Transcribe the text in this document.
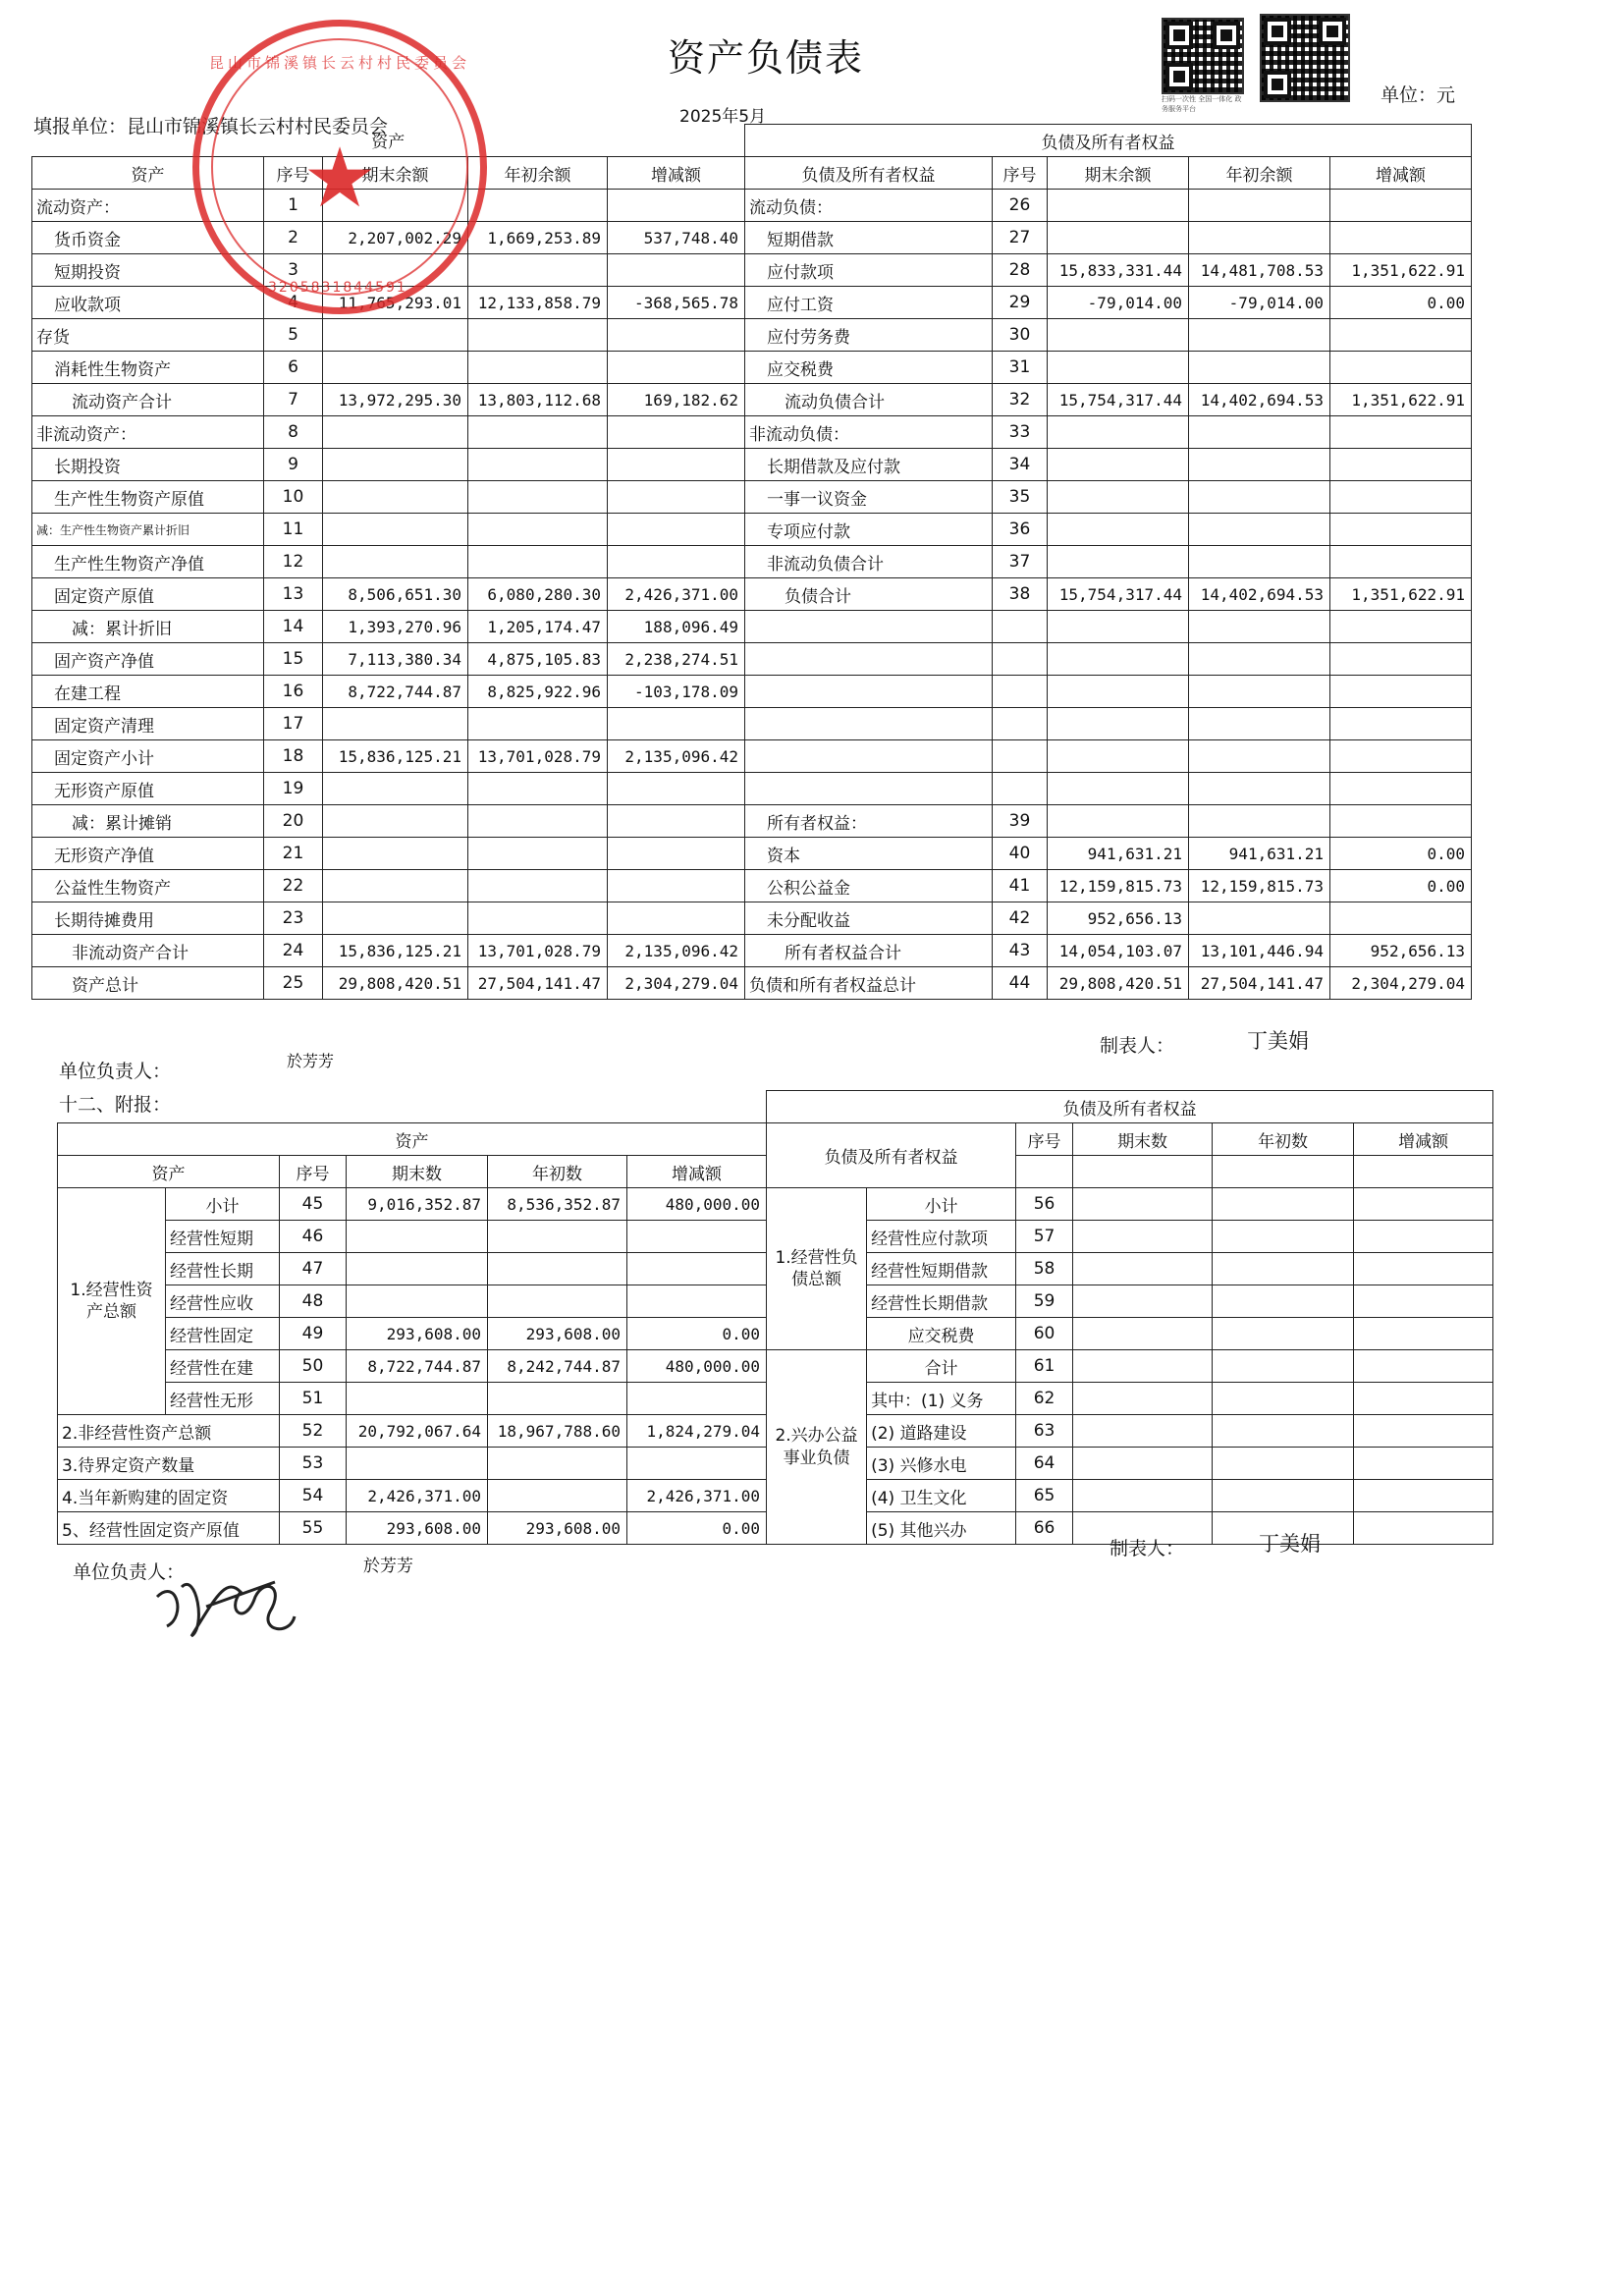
资产负债表
扫码一次性 全国一体化 政务服务平台
单位：元
2025年5月
填报单位：昆山市锦溪镇长云村村民委员会
资产					负债及所有者权益				
资产	序号	期末余额	年初余额	增减额	负债及所有者权益	序号	期末余额	年初余额	增减额
流动资产：	1				流动负债：	26			
货币资金	2	2,207,002.29	1,669,253.89	537,748.40	短期借款	27			
短期投资	3				应付款项	28	15,833,331.44	14,481,708.53	1,351,622.91
应收款项	4	11,765,293.01	12,133,858.79	-368,565.78	应付工资	29	-79,014.00	-79,014.00	0.00
存货	5				应付劳务费	30			
消耗性生物资产	6				应交税费	31			
流动资产合计	7	13,972,295.30	13,803,112.68	169,182.62	流动负债合计	32	15,754,317.44	14,402,694.53	1,351,622.91
非流动资产：	8				非流动负债：	33			
长期投资	9				长期借款及应付款	34			
生产性生物资产原值	10				一事一议资金	35			
减：生产性生物资产累计折旧	11				专项应付款	36			
生产性生物资产净值	12				非流动负债合计	37			
固定资产原值	13	8,506,651.30	6,080,280.30	2,426,371.00	负债合计	38	15,754,317.44	14,402,694.53	1,351,622.91
减：累计折旧	14	1,393,270.96	1,205,174.47	188,096.49					
固产资产净值	15	7,113,380.34	4,875,105.83	2,238,274.51					
在建工程	16	8,722,744.87	8,825,922.96	-103,178.09					
固定资产清理	17								
固定资产小计	18	15,836,125.21	13,701,028.79	2,135,096.42					
无形资产原值	19								
减：累计摊销	20				所有者权益：	39			
无形资产净值	21				资本	40	941,631.21	941,631.21	0.00
公益性生物资产	22				公积公益金	41	12,159,815.73	12,159,815.73	0.00
长期待摊费用	23				未分配收益	42	952,656.13		
非流动资产合计	24	15,836,125.21	13,701,028.79	2,135,096.42	所有者权益合计	43	14,054,103.07	13,101,446.94	952,656.13
资产总计	25	29,808,420.51	27,504,141.47	2,304,279.04	负债和所有者权益总计	44	29,808,420.51	27,504,141.47	2,304,279.04
单位负责人：	於芳芳
制表人：	丁美娟
十二、附报：
						负债及所有者权益					
资产						负债及所有者权益		序号	期末数	年初数	增减额
资产		序号	期末数	年初数	增减额						
1.经营性资产总额	小计	45	9,016,352.87	8,536,352.87	480,000.00	1.经营性负债总额	小计	56			
	经营性短期	46					经营性应付款项	57			
	经营性长期	47					经营性短期借款	58			
	经营性应收	48					经营性长期借款	59			
	经营性固定	49	293,608.00	293,608.00	0.00		应交税费	60			
	经营性在建	50	8,722,744.87	8,242,744.87	480,000.00	2.兴办公益事业负债	合计	61			
	经营性无形	51					其中：(1) 义务	62			
2.非经营性资产总额		52	20,792,067.64	18,967,788.60	1,824,279.04		(2) 道路建设	63			
3.待界定资产数量		53					(3) 兴修水电	64			
4.当年新购建的固定资		54	2,426,371.00		2,426,371.00		(4) 卫生文化	65			
5、经营性固定资产原值		55	293,608.00	293,608.00	0.00		(5) 其他兴办	66			
单位负责人：	於芳芳
制表人：	丁美娟
昆山市锦溪镇长云村村民委员会
★
3205831844591
